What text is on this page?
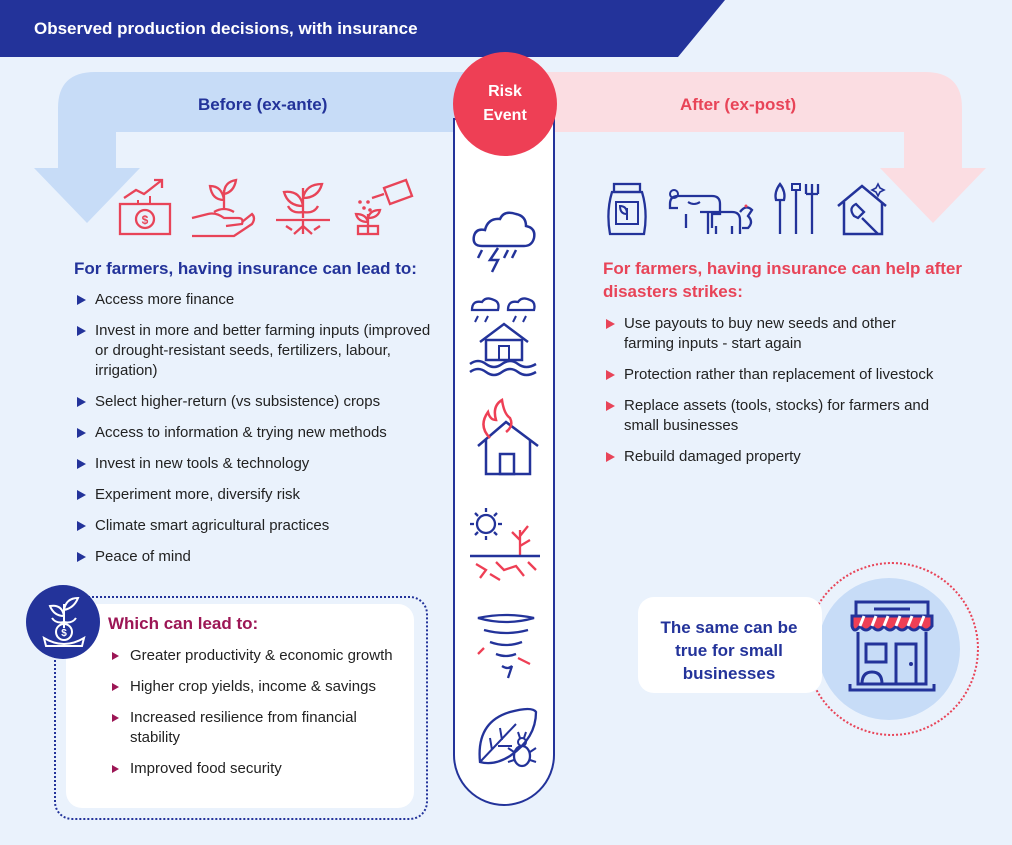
Observed production decisions, with insurance
Before (ex-ante)	After (ex-post)
Risk
Event
$
For farmers, having insurance can lead to:
Access more finance
Invest in more and better farming inputs (improved or drought-resistant seeds, fertilizers, labour, irrigation)
Select higher-return (vs subsistence) crops
Access to information & trying new methods
Invest in new tools & technology
Experiment more, diversify risk
Climate smart agricultural practices
Peace of mind
Which can lead to:
Greater productivity & economic growth
Higher crop yields, income & savings
Increased resilience from financial stability
Improved food security
$
For farmers, having insurance can help after disasters strikes:
Use payouts to buy new seeds and other farming inputs - start again
Protection rather than replacement of livestock
Replace assets (tools, stocks) for farmers and small businesses
Rebuild damaged property
The same can be true for small businesses
